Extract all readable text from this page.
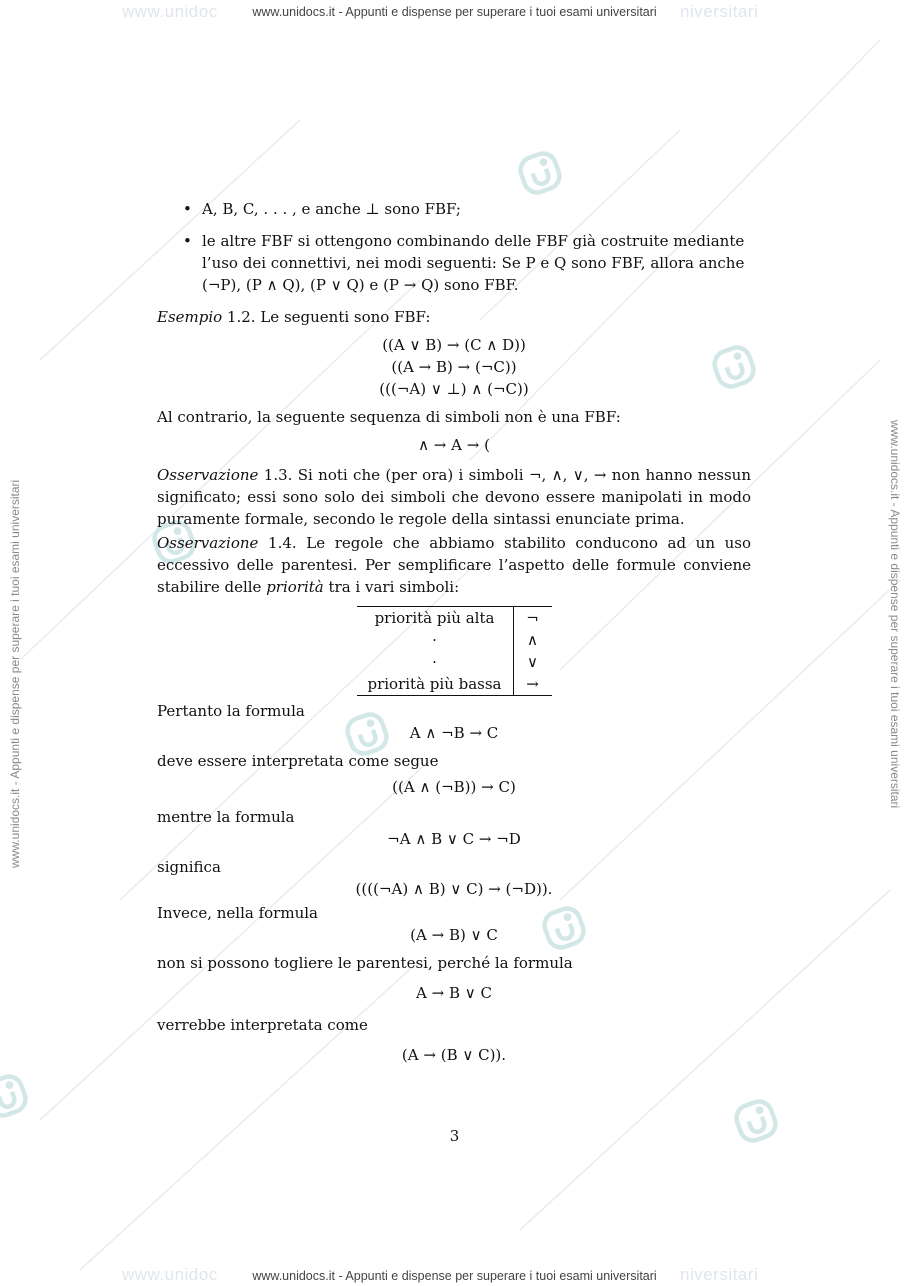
www.unidoc	niversitari
www.unidoc	niversitari
www.unidocs.it - Appunti e dispense per superare i tuoi esami universitari
www.unidocs.it - Appunti e dispense per superare i tuoi esami universitari
www.unidocs.it - Appunti e dispense per superare i tuoi esami universitari	www.unidocs.it - Appunti e dispense per superare i tuoi esami universitari
• A, B, C, . . . , e anche ⊥ sono FBF;
• le altre FBF si ottengono combinando delle FBF già costruite mediante l’uso dei connettivi, nei modi seguenti: Se P e Q sono FBF, allora anche (¬P), (P ∧ Q), (P ∨ Q) e (P → Q) sono FBF.

Esempio 1.2. Le seguenti sono FBF:

((A ∨ B) → (C ∧ D))

((A → B) → (¬C))

(((¬A) ∨ ⊥) ∧ (¬C))

Al contrario, la seguente sequenza di simboli non è una FBF:

∧ → A → (

Osservazione 1.3. Si noti che (per ora) i simboli ¬, ∧, ∨, → non hanno nessun significato; essi sono solo dei simboli che devono essere manipolati in modo puramente formale, secondo le regole della sintassi enunciate prima.

Osservazione 1.4. Le regole che abbiamo stabilito conducono ad un uso eccessivo delle parentesi. Per semplificare l’aspetto delle formule conviene stabilire delle priorità tra i vari simboli:

priorità più alta	¬
·	∧
·	∨
priorità più bassa	→

Pertanto la formula

A ∧ ¬B → C

deve essere interpretata come segue

((A ∧ (¬B)) → C)

mentre la formula

¬A ∧ B ∨ C → ¬D

significa

((((¬A) ∧ B) ∨ C) → (¬D)).

Invece, nella formula

(A → B) ∨ C

non si possono togliere le parentesi, perché la formula

A → B ∨ C

verrebbe interpretata come

(A → (B ∨ C)).

3
